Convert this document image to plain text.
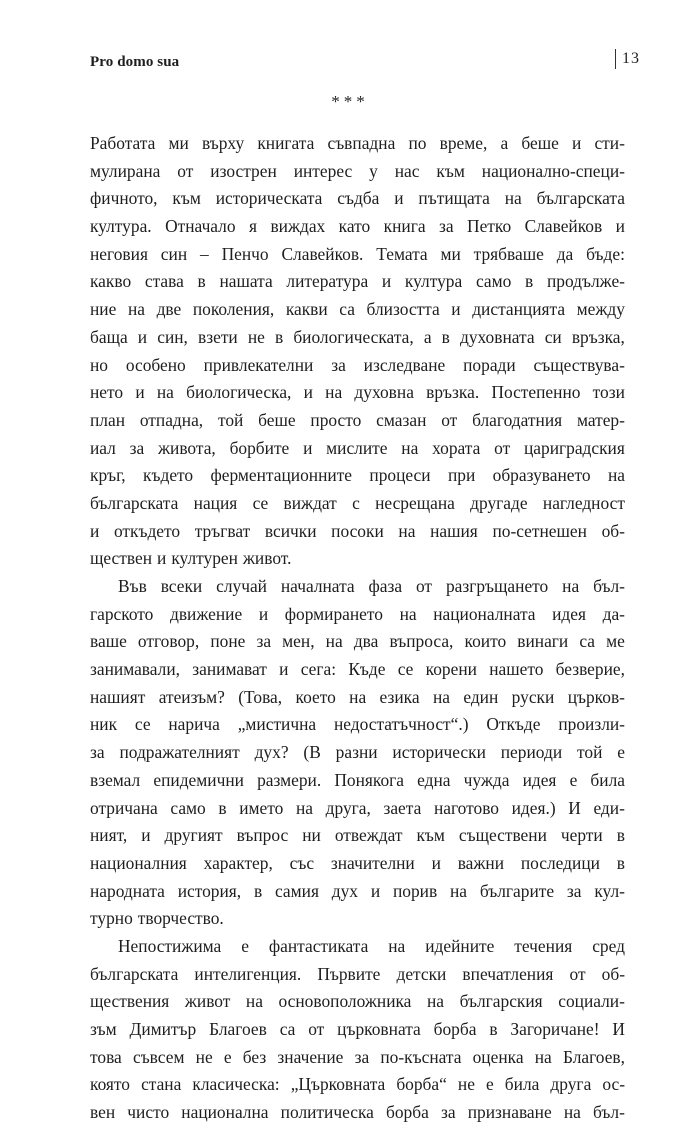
Pro domo sua	13
***
Работата ми върху книгата съвпадна по време, а беше и сти-
мулирана от изострен интерес у нас към национално-специ-
фичното, към историческата съдба и пътищата на българската
култура. Отначало я виждах като книга за Петко Славейков и
неговия син – Пенчо Славейков. Темата ми трябваше да бъде:
какво става в нашата литература и култура само в продълже-
ние на две поколения, какви са близостта и дистанцията между
баща и син, взети не в биологическата, а в духовната си връзка,
но особено привлекателни за изследване поради съществува-
нето и на биологическа, и на духовна връзка. Постепенно този
план отпадна, той беше просто смазан от благодатния матер-
иал за живота, борбите и мислите на хората от цариградския
кръг, където ферментационните процеси при образуването на
българската нация се виждат с несрещана другаде нагледност
и откъдето тръгват всички посоки на нашия по-сетнешен об-
ществен и културен живот.
Във всеки случай началната фаза от разгръщането на бъл-
гарското движение и формирането на националната идея да-
ваше отговор, поне за мен, на два въпроса, които винаги са ме
занимавали, занимават и сега: Къде се корени нашето безверие,
нашият атеизъм? (Това, което на езика на един руски църков-
ник се нарича „мистична недостатъчност“.) Откъде произли-
за подражателният дух? (В разни исторически периоди той е
вземал епидемични размери. Понякога една чужда идея е била
отричана само в името на друга, заета наготово идея.) И еди-
ният, и другият въпрос ни отвеждат към съществени черти в
националния характер, със значителни и важни последици в
народната история, в самия дух и порив на българите за кул-
турно творчество.
Непостижима е фантастиката на идейните течения сред
българската интелигенция. Първите детски впечатления от об-
ществения живот на основоположника на българския социали-
зъм Димитър Благоев са от църковната борба в Загоричане! И
това съвсем не е без значение за по-късната оценка на Благоев,
която стана класическа: „Църковната борба“ не е била друга ос-
вен чисто национална политическа борба за признаване на бъл-
